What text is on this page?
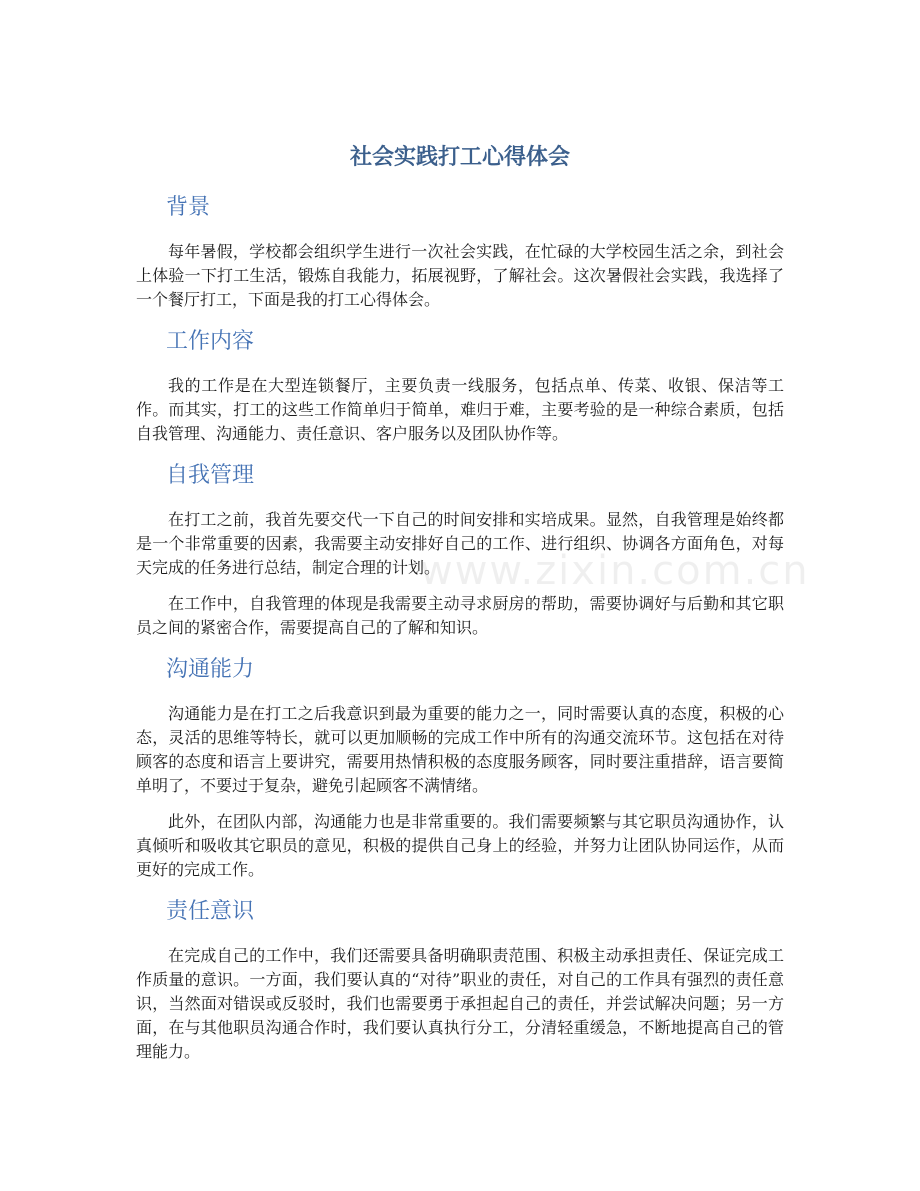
www.zixin.com.cn
社会实践打工心得体会
背景

每年暑假，学校都会组织学生进行一次社会实践，在忙碌的大学校园生活之余，到社会上体验一下打工生活，锻炼自我能力，拓展视野，了解社会。这次暑假社会实践，我选择了一个餐厅打工，下面是我的打工心得体会。

工作内容

我的工作是在大型连锁餐厅，主要负责一线服务，包括点单、传菜、收银、保洁等工作。而其实，打工的这些工作简单归于简单，难归于难，主要考验的是一种综合素质，包括自我管理、沟通能力、责任意识、客户服务以及团队协作等。

自我管理

在打工之前，我首先要交代一下自己的时间安排和实培成果。显然，自我管理是始终都是一个非常重要的因素，我需要主动安排好自己的工作、进行组织、协调各方面角色，对每天完成的任务进行总结，制定合理的计划。

在工作中，自我管理的体现是我需要主动寻求厨房的帮助，需要协调好与后勤和其它职员之间的紧密合作，需要提高自己的了解和知识。

沟通能力

沟通能力是在打工之后我意识到最为重要的能力之一，同时需要认真的态度，积极的心态，灵活的思维等特长，就可以更加顺畅的完成工作中所有的沟通交流环节。这包括在对待顾客的态度和语言上要讲究，需要用热情积极的态度服务顾客，同时要注重措辞，语言要简单明了，不要过于复杂，避免引起顾客不满情绪。

此外，在团队内部，沟通能力也是非常重要的。我们需要频繁与其它职员沟通协作，认真倾听和吸收其它职员的意见，积极的提供自己身上的经验，并努力让团队协同运作，从而更好的完成工作。

责任意识

在完成自己的工作中，我们还需要具备明确职责范围、积极主动承担责任、保证完成工作质量的意识。一方面，我们要认真的“对待”职业的责任，对自己的工作具有强烈的责任意识，当然面对错误或反驳时，我们也需要勇于承担起自己的责任，并尝试解决问题；另一方面，在与其他职员沟通合作时，我们要认真执行分工，分清轻重缓急，不断地提高自己的管理能力。
